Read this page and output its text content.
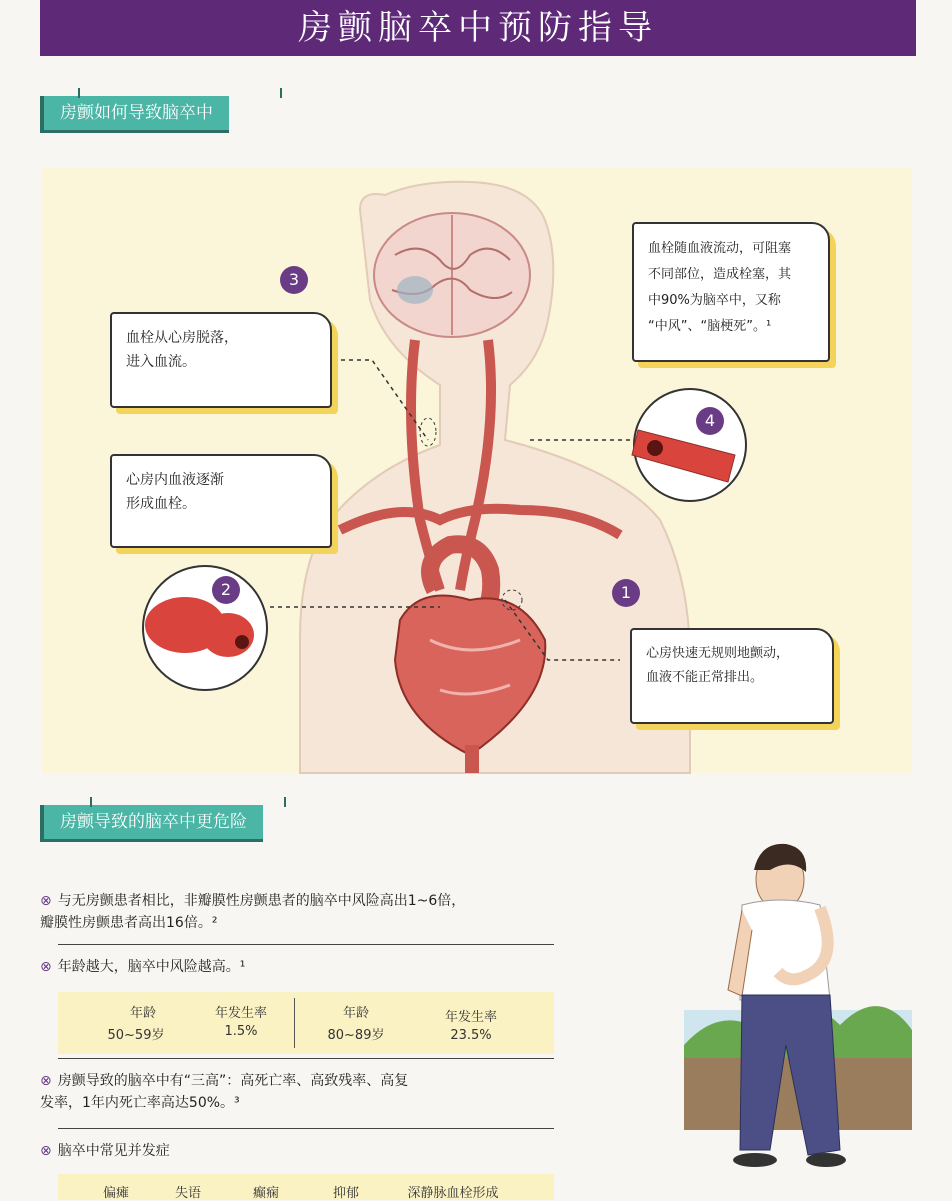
房颤脑卒中预防指导
房颤如何导致脑卒中
3
2
4
1
血栓从心房脱落，
进入血流。
心房内血液逐渐
形成血栓。
血栓随血液流动，可阻塞
不同部位，造成栓塞，其
中90%为脑卒中，又称
“中风”、“脑梗死”。¹
心房快速无规则地颤动，
血液不能正常排出。
房颤导致的脑卒中更危险
⊗ 与无房颤患者相比，非瓣膜性房颤患者的脑卒中风险高出1~6倍，
瓣膜性房颤患者高出16倍。²
⊗ 年龄越大，脑卒中风险越高。¹
年龄	年发生率	年龄	年发生率
50~59岁	1.5%	80~89岁	23.5%
⊗ 房颤导致的脑卒中有“三高”：高死亡率、高致残率、高复
发率，1年内死亡率高达50%。³
⊗ 脑卒中常见并发症
偏瘫	失语	癫痫	抑郁	深静脉血栓形成
